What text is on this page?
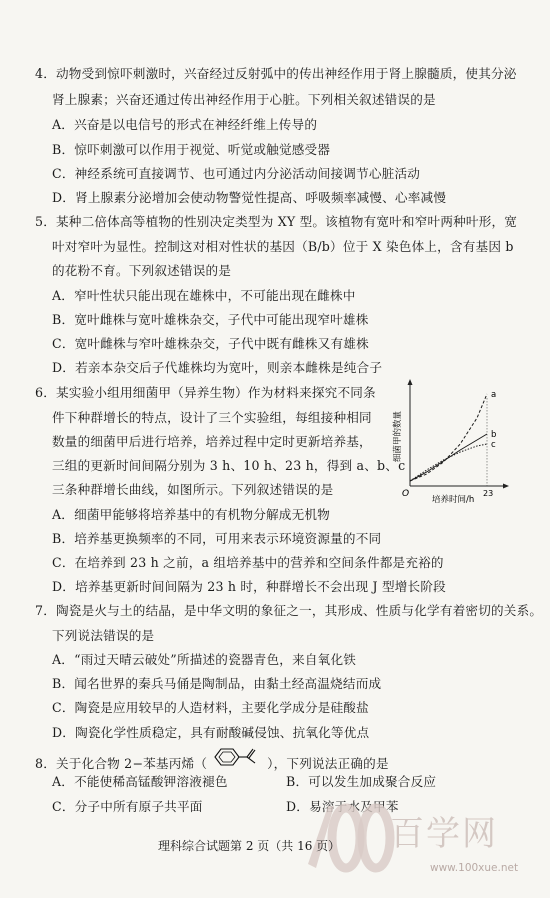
4．动物受到惊吓刺激时，兴奋经过反射弧中的传出神经作用于肾上腺髓质，使其分泌
肾上腺素；兴奋还通过传出神经作用于心脏。下列相关叙述错误的是
A．兴奋是以电信号的形式在神经纤维上传导的
B．惊吓刺激可以作用于视觉、听觉或触觉感受器
C．神经系统可直接调节、也可通过内分泌活动间接调节心脏活动
D．肾上腺素分泌增加会使动物警觉性提高、呼吸频率减慢、心率减慢
5．某种二倍体高等植物的性别决定类型为 XY 型。该植物有宽叶和窄叶两种叶形，宽
叶对窄叶为显性。控制这对相对性状的基因（B/b）位于 X 染色体上，含有基因 b
的花粉不育。下列叙述错误的是
A．窄叶性状只能出现在雄株中，不可能出现在雌株中
B．宽叶雌株与宽叶雄株杂交，子代中可能出现窄叶雄株
C．宽叶雌株与窄叶雄株杂交，子代中既有雌株又有雄株
D．若亲本杂交后子代雄株均为宽叶，则亲本雌株是纯合子
6．某实验小组用细菌甲（异养生物）作为材料来探究不同条
件下种群增长的特点，设计了三个实验组，每组接种相同
数量的细菌甲后进行培养，培养过程中定时更新培养基，
三组的更新时间间隔分别为 3 h、10 h、23 h，得到 a、b、c
三条种群增长曲线，如图所示。下列叙述错误的是
A．细菌甲能够将培养基中的有机物分解成无机物
B．培养基更换频率的不同，可用来表示环境资源量的不同
C．在培养到 23 h 之前，a 组培养基中的营养和空间条件都是充裕的
D．培养基更新时间间隔为 23 h 时，种群增长不会出现 J 型增长阶段
O	23
培养时间/h
细菌甲的数量
a
b
c
7．陶瓷是火与土的结晶，是中华文明的象征之一，其形成、性质与化学有着密切的关系。
下列说法错误的是
A．“雨过天晴云破处”所描述的瓷器青色，来自氧化铁
B．闻名世界的秦兵马俑是陶制品，由黏土经高温烧结而成
C．陶瓷是应用较早的人造材料，主要化学成分是硅酸盐
D．陶瓷化学性质稳定，具有耐酸碱侵蚀、抗氧化等优点
8．关于化合物 2−苯基丙烯（	），下列说法正确的是
A．不能使稀高锰酸钾溶液褪色	B．可以发生加成聚合反应
C．分子中所有原子共平面	D．易溶于水及甲苯
百学网
www.100xue.net
理科综合试题第 2 页（共 16 页）
